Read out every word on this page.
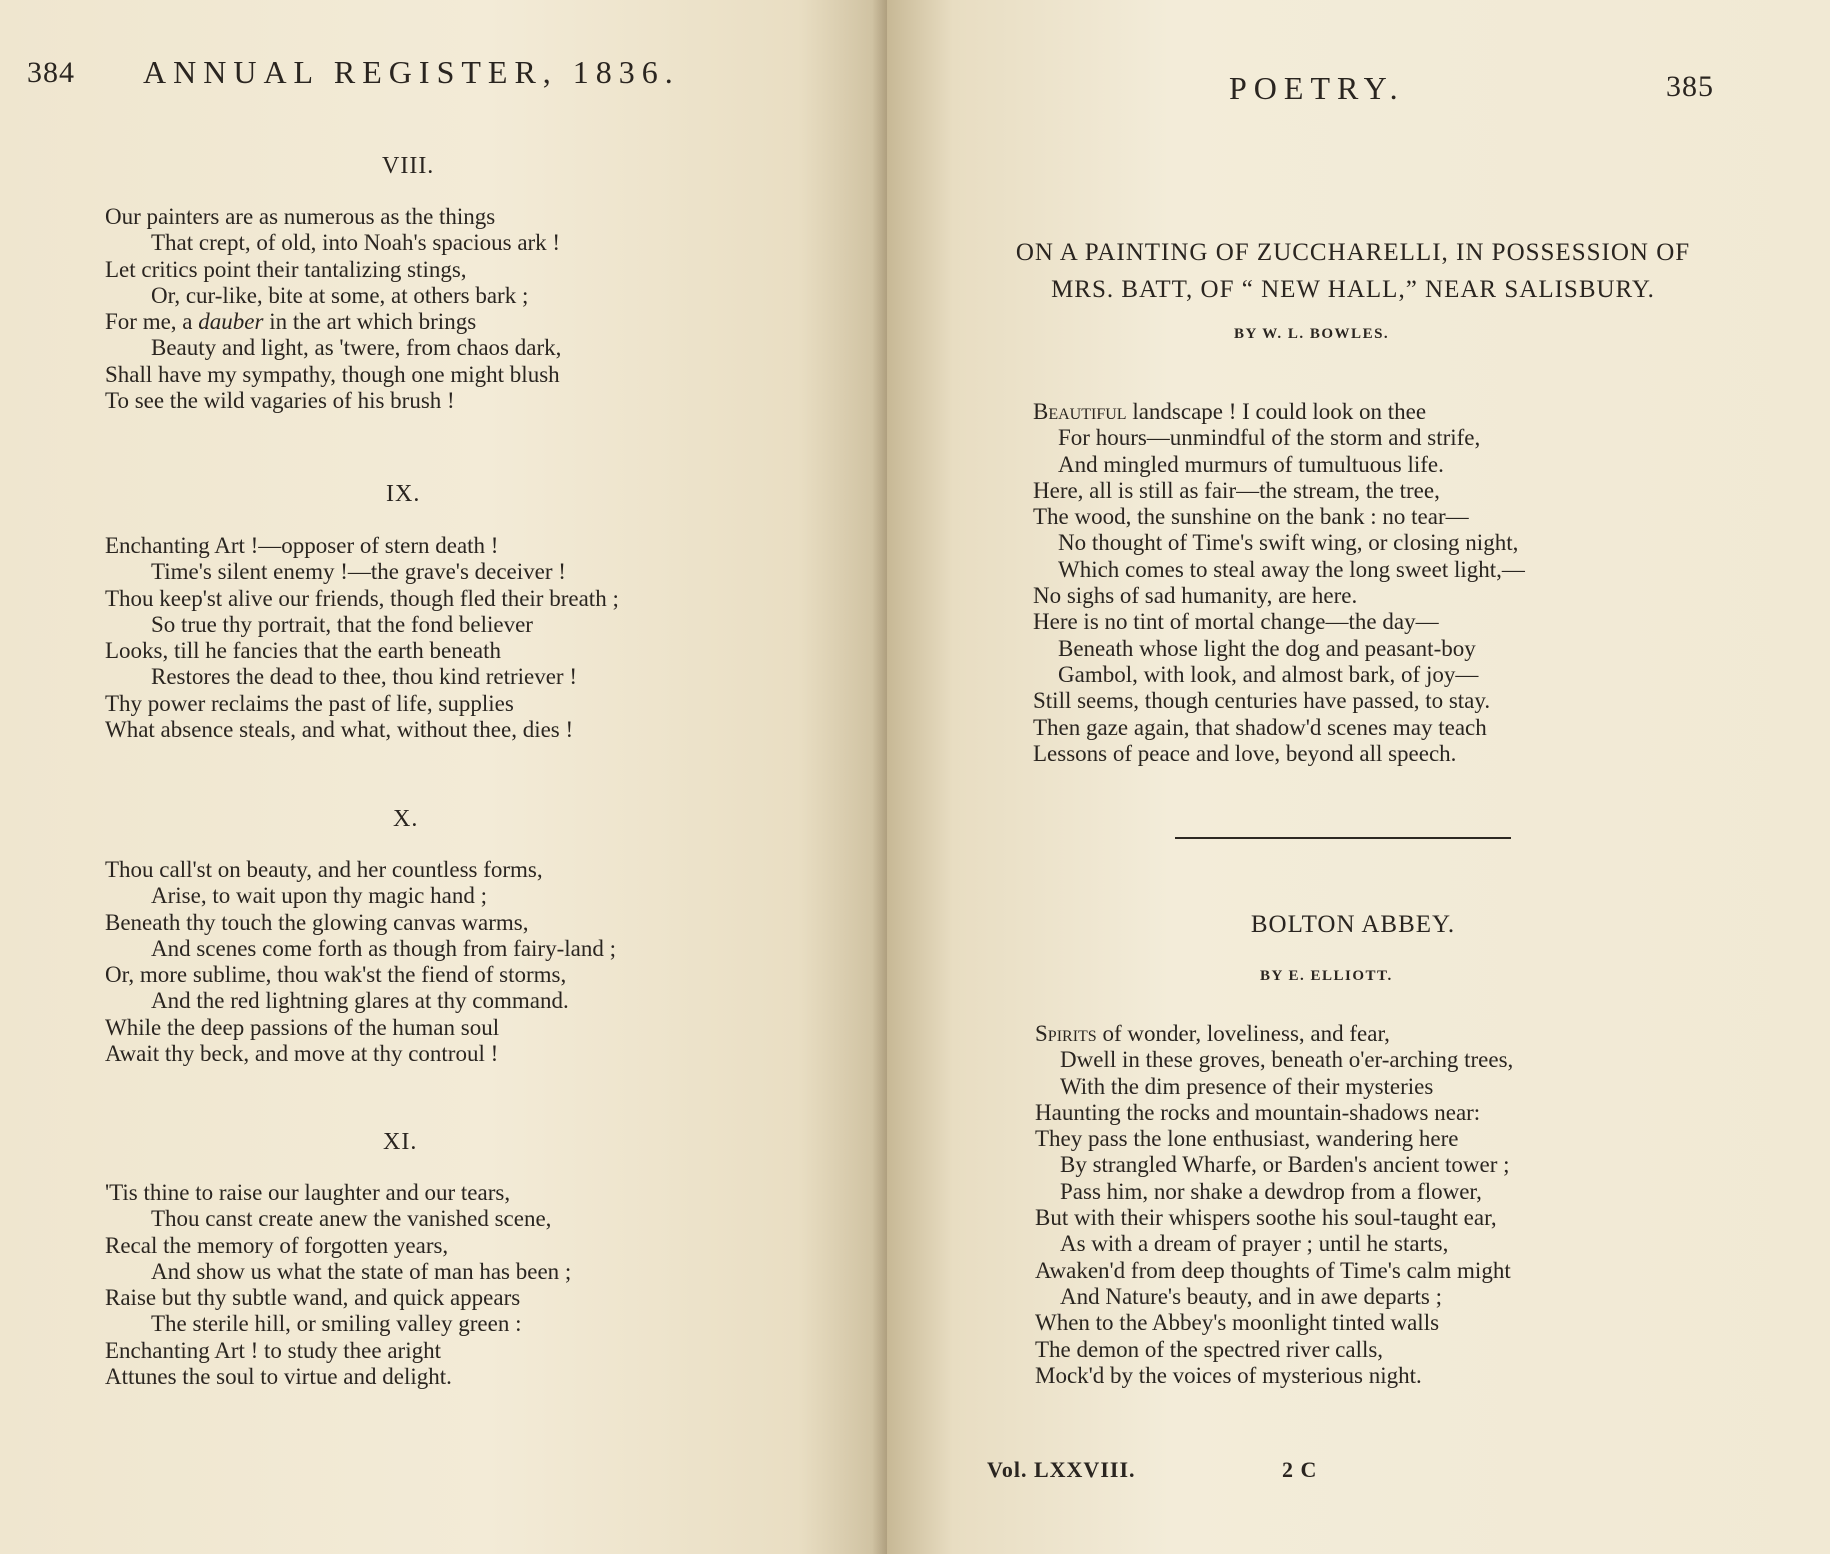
384 ANNUAL REGISTER, 1836.
VIII.
Our painters are as numerous as the things
That crept, of old, into Noah's spacious ark !
Let critics point their tantalizing stings,
Or, cur-like, bite at some, at others bark ;
For me, a dauber in the art which brings
Beauty and light, as 'twere, from chaos dark,
Shall have my sympathy, though one might blush
To see the wild vagaries of his brush !
IX.
Enchanting Art !—opposer of stern death !
Time's silent enemy !—the grave's deceiver !
Thou keep'st alive our friends, though fled their breath ;
So true thy portrait, that the fond believer
Looks, till he fancies that the earth beneath
Restores the dead to thee, thou kind retriever !
Thy power reclaims the past of life, supplies
What absence steals, and what, without thee, dies !
X.
Thou call'st on beauty, and her countless forms,
Arise, to wait upon thy magic hand ;
Beneath thy touch the glowing canvas warms,
And scenes come forth as though from fairy-land ;
Or, more sublime, thou wak'st the fiend of storms,
And the red lightning glares at thy command.
While the deep passions of the human soul
Await thy beck, and move at thy controul !
XI.
'Tis thine to raise our laughter and our tears,
Thou canst create anew the vanished scene,
Recal the memory of forgotten years,
And show us what the state of man has been ;
Raise but thy subtle wand, and quick appears
The sterile hill, or smiling valley green :
Enchanting Art ! to study thee aright
Attunes the soul to virtue and delight.
POETRY.	385
ON A PAINTING OF ZUCCHARELLI, IN POSSESSION OF
MRS. BATT, OF “ NEW HALL,” NEAR SALISBURY.
BY W. L. BOWLES.
Beautiful landscape ! I could look on thee
For hours—unmindful of the storm and strife,
And mingled murmurs of tumultuous life.
Here, all is still as fair—the stream, the tree,
The wood, the sunshine on the bank : no tear—
No thought of Time's swift wing, or closing night,
Which comes to steal away the long sweet light,—
No sighs of sad humanity, are here.
Here is no tint of mortal change—the day—
Beneath whose light the dog and peasant-boy
Gambol, with look, and almost bark, of joy—
Still seems, though centuries have passed, to stay.
Then gaze again, that shadow'd scenes may teach
Lessons of peace and love, beyond all speech.
BOLTON ABBEY.
BY E. ELLIOTT.
Spirits of wonder, loveliness, and fear,
Dwell in these groves, beneath o'er-arching trees,
With the dim presence of their mysteries
Haunting the rocks and mountain-shadows near:
They pass the lone enthusiast, wandering here
By strangled Wharfe, or Barden's ancient tower ;
Pass him, nor shake a dewdrop from a flower,
But with their whispers soothe his soul-taught ear,
As with a dream of prayer ; until he starts,
Awaken'd from deep thoughts of Time's calm might
And Nature's beauty, and in awe departs ;
When to the Abbey's moonlight tinted walls
The demon of the spectred river calls,
Mock'd by the voices of mysterious night.
Vol. LXXVIII.	2 C
